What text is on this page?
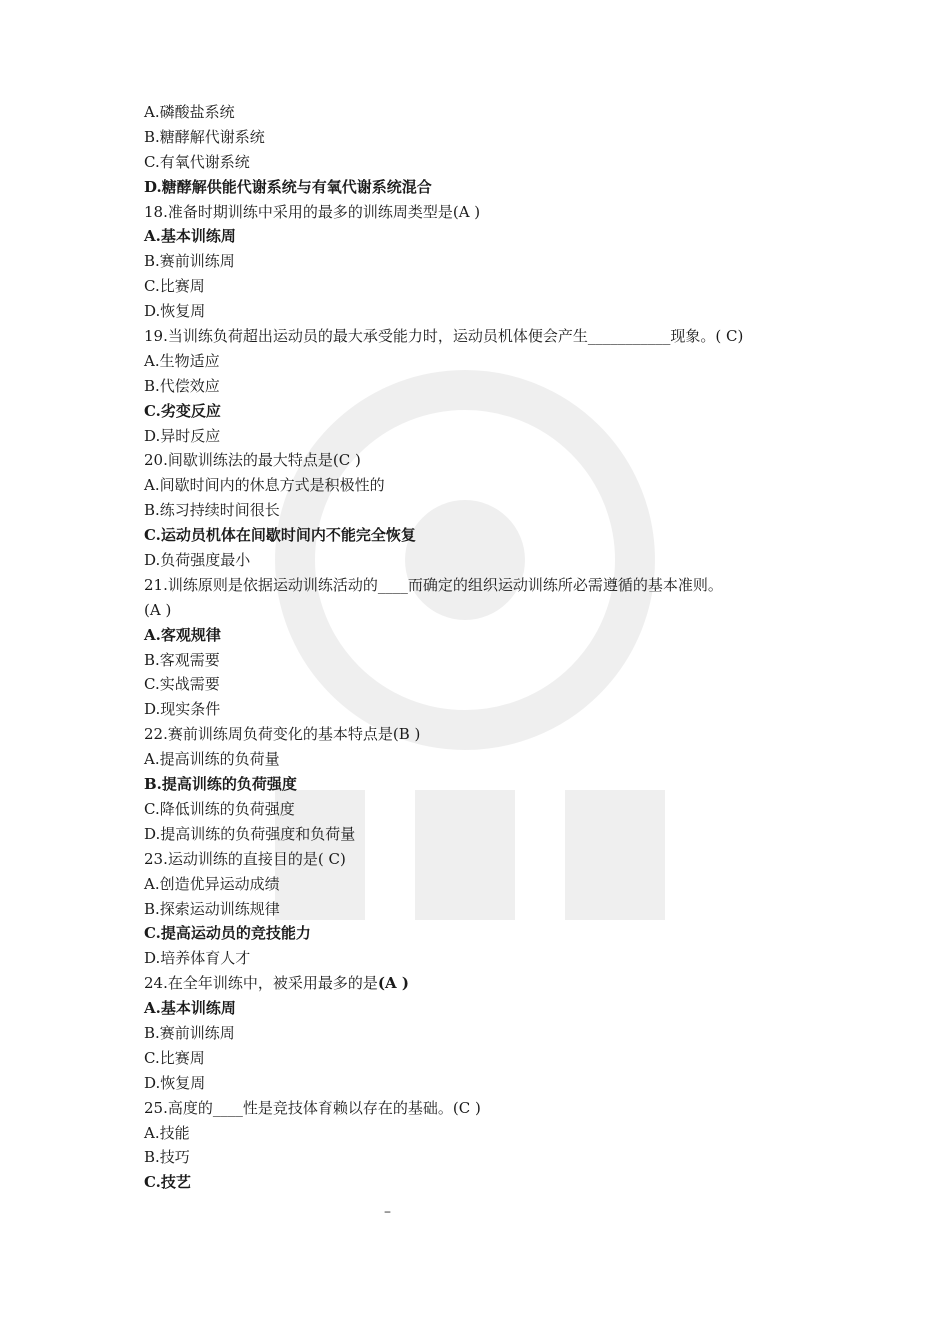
A.磷酸盐系统
B.糖酵解代谢系统
C.有氧代谢系统
D.糖酵解供能代谢系统与有氧代谢系统混合
18.准备时期训练中采用的最多的训练周类型是(A )
A.基本训练周
B.赛前训练周
C.比赛周
D.恢复周
19.当训练负荷超出运动员的最大承受能力时，运动员机体便会产生___________现象。( C)
A.生物适应
B.代偿效应
C.劣变反应
D.异时反应
20.间歇训练法的最大特点是(C )
A.间歇时间内的休息方式是积极性的
B.练习持续时间很长
C.运动员机体在间歇时间内不能完全恢复
D.负荷强度最小
21.训练原则是依据运动训练活动的____而确定的组织运动训练所必需遵循的基本准则。
(A )
A.客观规律
B.客观需要
C.实战需要
D.现实条件
22.赛前训练周负荷变化的基本特点是(B )
A.提高训练的负荷量
B.提高训练的负荷强度
C.降低训练的负荷强度
D.提高训练的负荷强度和负荷量
23.运动训练的直接目的是( C)
A.创造优异运动成绩
B.探索运动训练规律
C.提高运动员的竞技能力
D.培养体育人才
24.在全年训练中，被采用最多的是(A )
A.基本训练周
B.赛前训练周
C.比赛周
D.恢复周
25.高度的____性是竞技体育赖以存在的基础。(C )
A.技能
B.技巧
C.技艺
–
